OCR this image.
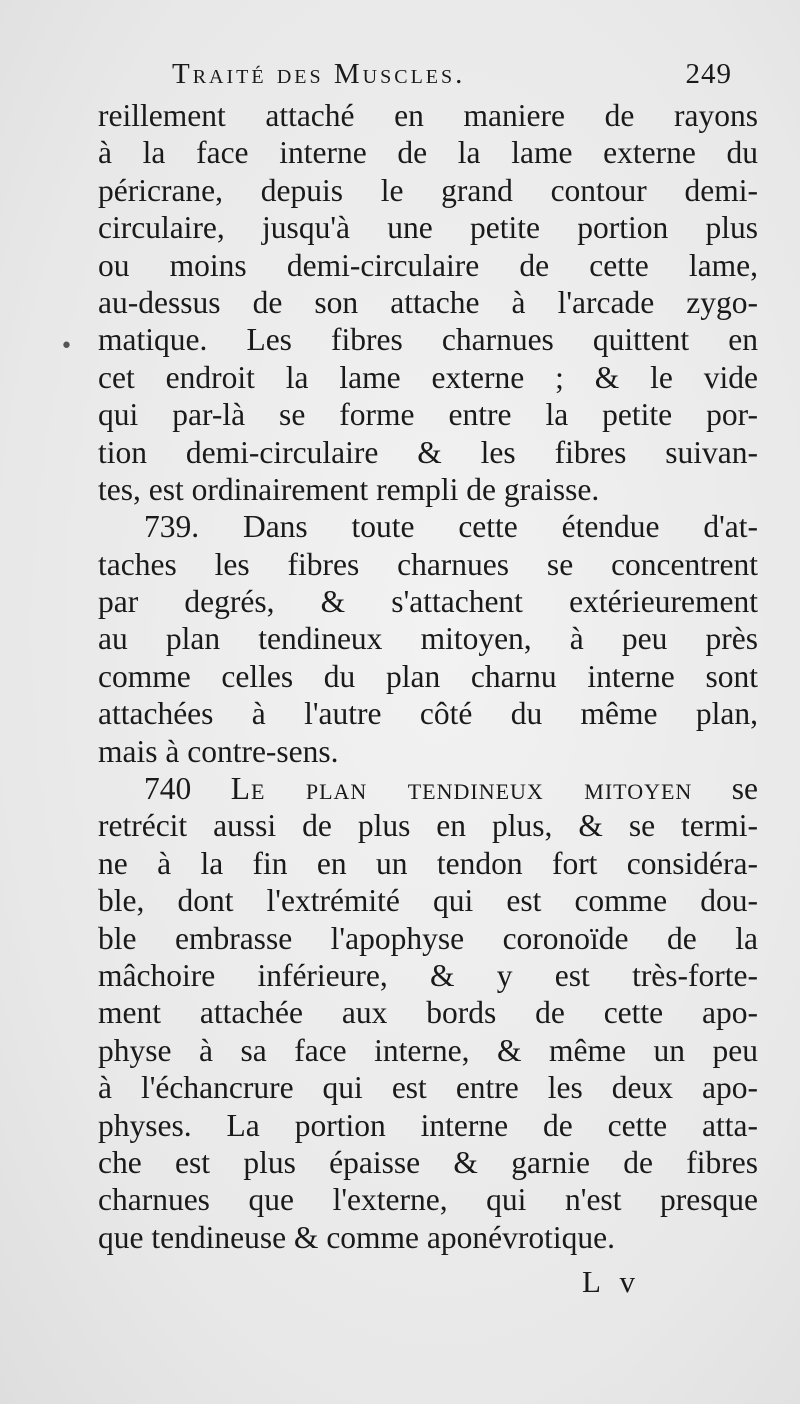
Traité des Muscles.	249
•
reillement attaché en maniere de rayons
à la face interne de la lame externe du
péricrane, depuis le grand contour demi-
circulaire, jusqu'à une petite portion plus
ou moins demi-circulaire de cette lame,
au-dessus de son attache à l'arcade zygo-
matique. Les fibres charnues quittent en
cet endroit la lame externe ; & le vide
qui par-là se forme entre la petite por-
tion demi-circulaire & les fibres suivan-
tes, est ordinairement rempli de graisse.
739. Dans toute cette étendue d'at-
taches les fibres charnues se concentrent
par degrés, & s'attachent extérieurement
au plan tendineux mitoyen, à peu près
comme celles du plan charnu interne sont
attachées à l'autre côté du même plan,
mais à contre-sens.
740 Le plan tendineux mitoyen se
retrécit aussi de plus en plus, & se termi-
ne à la fin en un tendon fort considéra-
ble, dont l'extrémité qui est comme dou-
ble embrasse l'apophyse coronoïde de la
mâchoire inférieure, & y est très-forte-
ment attachée aux bords de cette apo-
physe à sa face interne, & même un peu
à l'échancrure qui est entre les deux apo-
physes. La portion interne de cette atta-
che est plus épaisse & garnie de fibres
charnues que l'externe, qui n'est presque
que tendineuse & comme aponévrotique.
L v
